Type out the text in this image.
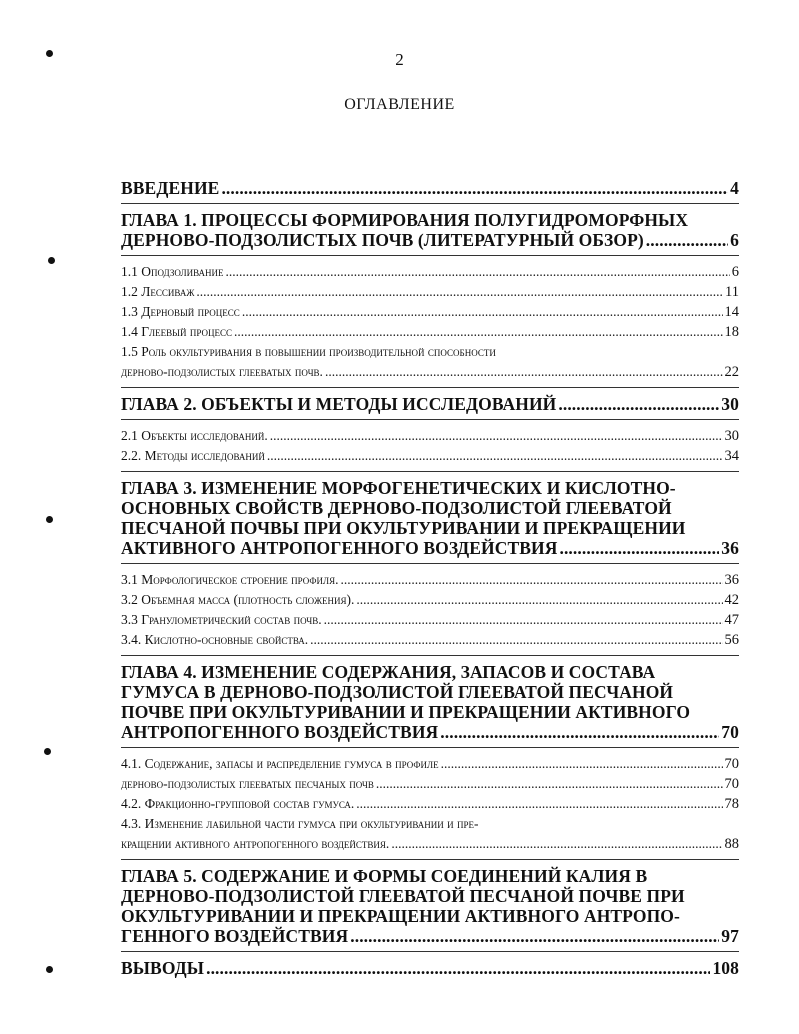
2
ОГЛАВЛЕНИЕ
ВВЕДЕНИЕ .....	4
ГЛАВА 1. ПРОЦЕССЫ ФОРМИРОВАНИЯ ПОЛУГИДРОМОРФНЫХ
ДЕРНОВО-ПОДЗОЛИСТЫХ ПОЧВ (ЛИТЕРАТУРНЫЙ ОБЗОР) .....	6
1.1 Оподзоливание .....	6
1.2 Лессиваж .....	11
1.3 Дерновый процесс .....	14
1.4 Глеевый процесс .....	18
1.5 Роль окультуривания в повышении производительной способности
дерново-подзолистых глееватых почв. .....	22
ГЛАВА 2. ОБЪЕКТЫ И МЕТОДЫ ИССЛЕДОВАНИЙ .....	30
2.1 Объекты исследований. .....	30
2.2. Методы исследований .....	34
ГЛАВА 3. ИЗМЕНЕНИЕ МОРФОГЕНЕТИЧЕСКИХ И КИСЛОТНО-
ОСНОВНЫХ СВОЙСТВ ДЕРНОВО-ПОДЗОЛИСТОЙ ГЛЕЕВАТОЙ
ПЕСЧАНОЙ ПОЧВЫ ПРИ ОКУЛЬТУРИВАНИИ И ПРЕКРАЩЕНИИ
АКТИВНОГО АНТРОПОГЕННОГО ВОЗДЕЙСТВИЯ .....	36
3.1 Морфологическое строение профиля. .....	36
3.2 Объемная масса (плотность сложения). .....	42
3.3 Гранулометрический состав почв. .....	47
3.4. Кислотно-основные свойства. .....	56
ГЛАВА 4. ИЗМЕНЕНИЕ СОДЕРЖАНИЯ, ЗАПАСОВ И СОСТАВА
ГУМУСА В ДЕРНОВО-ПОДЗОЛИСТОЙ ГЛЕЕВАТОЙ ПЕСЧАНОЙ
ПОЧВЕ ПРИ ОКУЛЬТУРИВАНИИ И ПРЕКРАЩЕНИИ АКТИВНОГО
АНТРОПОГЕННОГО ВОЗДЕЙСТВИЯ .....	70
4.1. Содержание, запасы и распределение гумуса в профиле .....	70
дерново-подзолистых глееватых песчаных почв .....	70
4.2. Фракционно-групповой состав гумуса. .....	78
4.3. Изменение лабильной части гумуса при окультуривании и пре-
кращении активного антропогенного воздействия. .....	88
ГЛАВА 5. СОДЕРЖАНИЕ И ФОРМЫ СОЕДИНЕНИЙ КАЛИЯ В
ДЕРНОВО-ПОДЗОЛИСТОЙ ГЛЕЕВАТОЙ ПЕСЧАНОЙ ПОЧВЕ ПРИ
ОКУЛЬТУРИВАНИИ И ПРЕКРАЩЕНИИ АКТИВНОГО АНТРОПО-
ГЕННОГО ВОЗДЕЙСТВИЯ .....	97
ВЫВОДЫ .....	108
